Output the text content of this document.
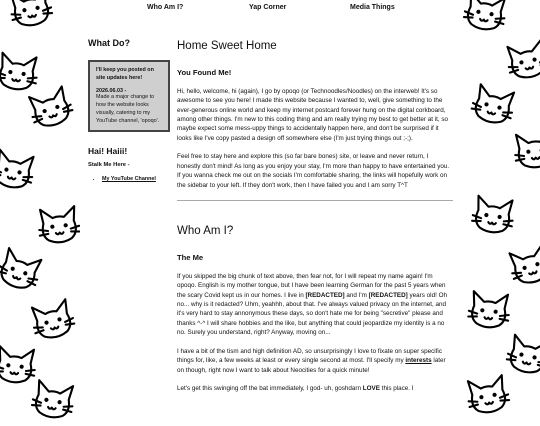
Who Am I?	Yap Corner	Media Things
What Do?
I'll keep you posted on site updates here!
2026.06.03 -
Made a major change to how the website looks visually, catering to my YouTube channel, 'opoqo'.
Hai! Haiii!
Stalk Me Here -
• My YouTube Channel
Home Sweet Home
You Found Me!

Hi, hello, welcome, hi (again), I go by opoqo (or Technoodles/Noodles) on the interweb! It's so awesome to see you here! I made this website because I wanted to, well, give something to the ever-generous online world and keep my internet postcard forever hung on the digital corkboard, among other things. I'm new to this coding thing and am really trying my best to get better at it, so maybe expect some mess-uppy things to accidentally happen here, and don't be surprised if it looks like I've copy pasted a design off somewhere else (I'm just trying things out ;-;).

Feel free to stay here and explore this (so far bare bones) site, or leave and never return, I honestly don't mind! As long as you enjoy your stay, I'm more than happy to have entertained you. If you wanna check me out on the socials I'm comfortable sharing, the links will hopefully work on the sidebar to your left. If they don't work, then I have failed you and I am sorry T^T

Who Am I?
The Me

If you skipped the big chunk of text above, then fear not, for I will repeat my name again! I'm opoqo. English is my mother tongue, but I have been learning German for the past 5 years when the scary Covid kept us in our homes. I live in [REDACTED] and I'm [REDACTED] years old! Oh no... why is it redacted? Uhm, yeahhh, about that. I've always valued privacy on the internet, and it's very hard to stay annonymous these days, so don't hate me for being "secretive" please and thanks ^-^ I will share hobbies and the like, but anything that could jeopardize my identity is a no no. Surely you understand, right? Anyway, moving on...

I have a bit of the tism and high definition AD, so unsurprisingly I love to fixate on super specific things for, like, a few weeks at least or every single second at most. I'll specify my interests later on though, right now I want to talk about Neocities for a quick minute!

Let's get this swinging off the bat immediately, I god- uh, goshdarn LOVE this place. I
